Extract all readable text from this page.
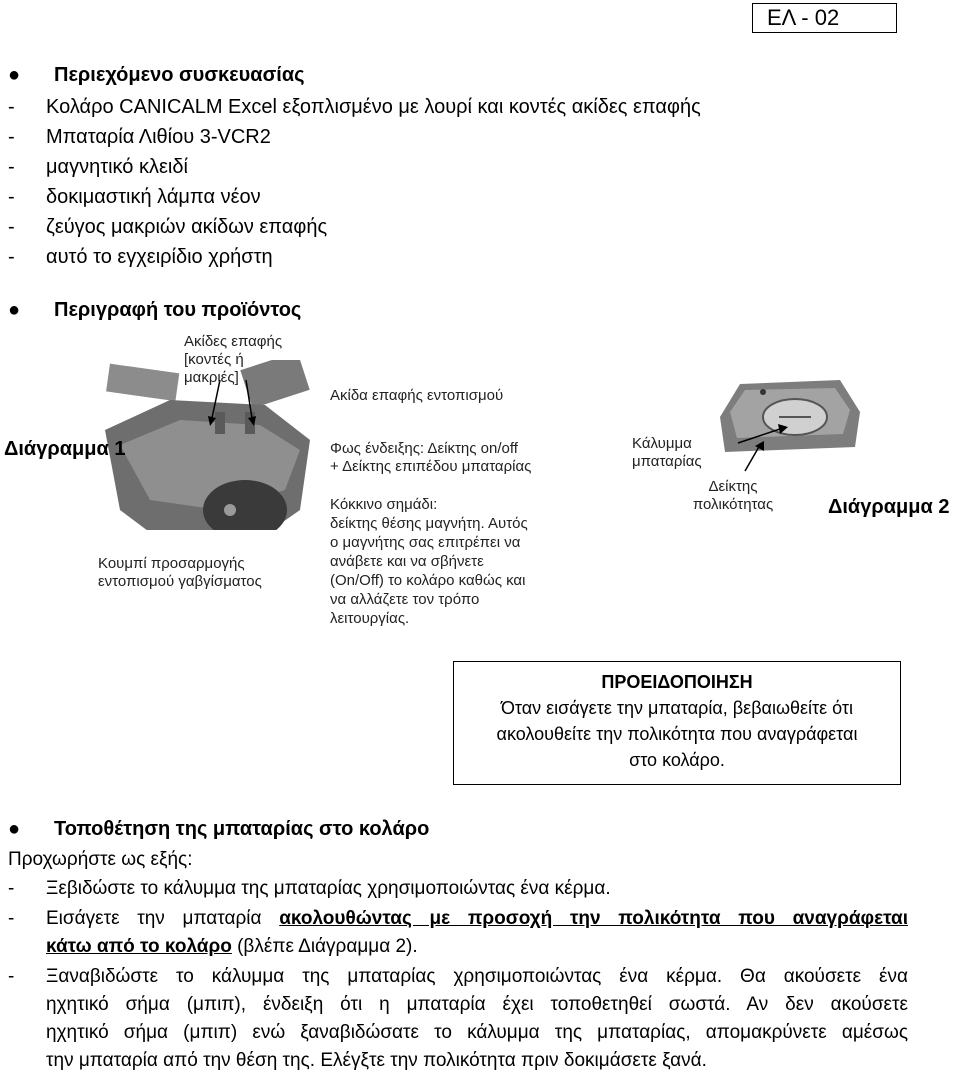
ΕΛ - 02
● Περιεχόμενο συσκευασίας
- Κολάρο CANICALM Excel εξοπλισμένο με λουρί και κοντές ακίδες επαφής
- Μπαταρία Λιθίου 3-VCR2
- μαγνητικό κλειδί
- δοκιμαστική λάμπα νέον
- ζεύγος μακριών ακίδων επαφής
- αυτό το εγχειρίδιο χρήστη
● Περιγραφή του προϊόντος
Ακίδες επαφής
[κοντές ή
μακριές]
Ακίδα επαφής εντοπισμού
Διάγραμμα 1	Φως ένδειξης: Δείκτης on/off
+ Δείκτης επιπέδου μπαταρίας
Κόκκινο σημάδι:
δείκτης θέσης μαγνήτη. Αυτός
ο μαγνήτης σας επιτρέπει να
ανάβετε και να σβήνετε
(On/Off) το κολάρο καθώς και
να αλλάζετε τον τρόπο
λειτουργίας.
Κουμπί προσαρμογής
εντοπισμού γαβγίσματος
Κάλυμμα
μπαταρίας
Δείκτης
πολικότητας	Διάγραμμα 2
ΠΡΟΕΙΔΟΠΟΙΗΣΗ
Όταν εισάγετε την μπαταρία, βεβαιωθείτε ότι
ακολουθείτε την πολικότητα που αναγράφεται
στο κολάρο.
● Τοποθέτηση της μπαταρίας στο κολάρο
Προχωρήστε ως εξής:
- Ξεβιδώστε το κάλυμμα της μπαταρίας χρησιμοποιώντας ένα κέρμα.
- Εισάγετε την μπαταρία ακολουθώντας με προσοχή την πολικότητα που αναγράφεται
κάτω από το κολάρο (βλέπε Διάγραμμα 2).
- Ξαναβιδώστε το κάλυμμα της μπαταρίας χρησιμοποιώντας ένα κέρμα. Θα ακούσετε ένα
ηχητικό σήμα (μπιπ), ένδειξη ότι η μπαταρία έχει τοποθετηθεί σωστά. Αν δεν ακούσετε
ηχητικό σήμα (μπιπ) ενώ ξαναβιδώσατε το κάλυμμα της μπαταρίας, απομακρύνετε αμέσως
την μπαταρία από την θέση της. Ελέγξτε την πολικότητα πριν δοκιμάσετε ξανά.
